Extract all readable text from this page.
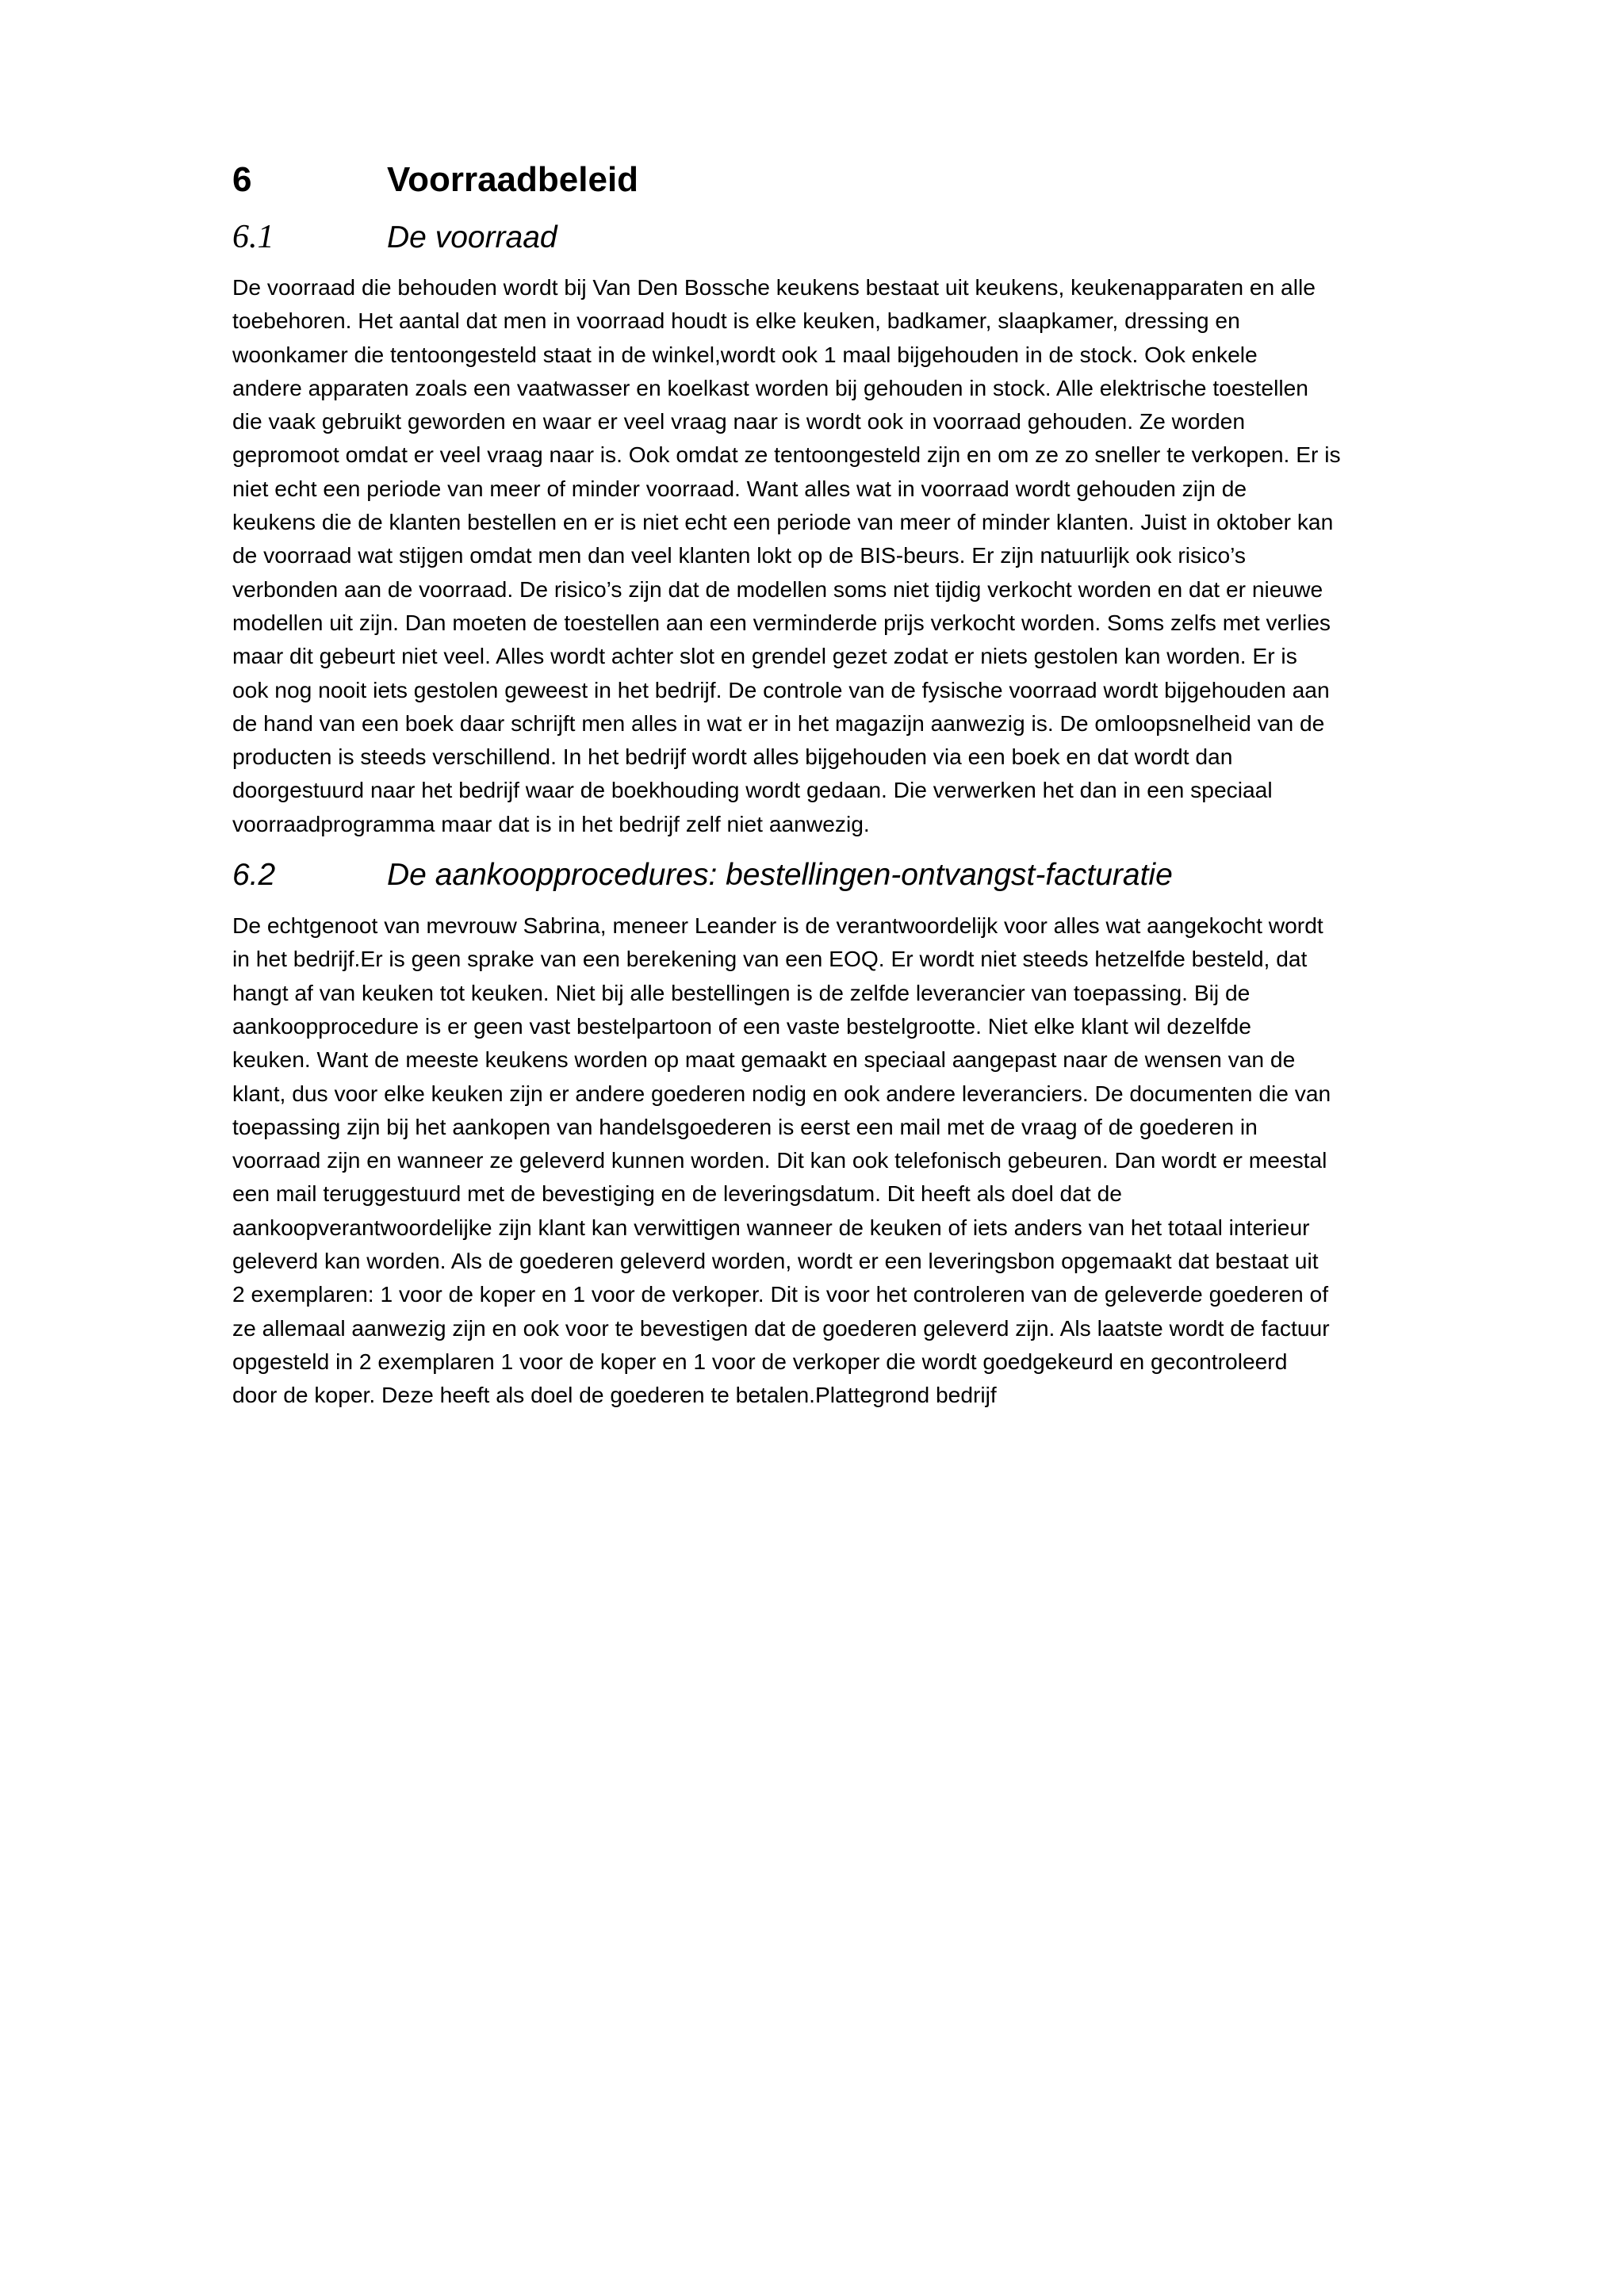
6	Voorraadbeleid
6.1	De voorraad
De voorraad die behouden wordt bij Van Den Bossche keukens bestaat uit keukens, keukenapparaten en alle
toebehoren. Het aantal dat men in voorraad houdt is elke keuken, badkamer, slaapkamer, dressing en
woonkamer die tentoongesteld staat in de winkel,wordt ook 1 maal bijgehouden in de stock. Ook enkele
andere apparaten zoals een vaatwasser en koelkast worden bij gehouden in stock. Alle elektrische toestellen
die vaak gebruikt geworden en waar er veel vraag naar is wordt ook in voorraad gehouden. Ze worden
gepromoot omdat er veel vraag naar is. Ook omdat ze tentoongesteld zijn en om ze zo sneller te verkopen. Er is
niet echt een periode van meer of minder voorraad. Want alles wat in voorraad wordt gehouden zijn de
keukens die de klanten bestellen en er is niet echt een periode van meer of minder klanten. Juist in oktober kan
de voorraad wat stijgen omdat men dan veel klanten lokt op de BIS-beurs. Er zijn natuurlijk ook risico’s
verbonden aan de voorraad. De risico’s zijn dat de modellen soms niet tijdig verkocht worden en dat er nieuwe
modellen uit zijn. Dan moeten de toestellen aan een verminderde prijs verkocht worden. Soms zelfs met verlies
maar dit gebeurt niet veel. Alles wordt achter slot en grendel gezet zodat er niets gestolen kan worden. Er is
ook nog nooit iets gestolen geweest in het bedrijf. De controle van de fysische voorraad wordt bijgehouden aan
de hand van een boek daar schrijft men alles in wat er in het magazijn aanwezig is. De omloopsnelheid van de
producten is steeds verschillend. In het bedrijf wordt alles bijgehouden via een boek en dat wordt dan
doorgestuurd naar het bedrijf waar de boekhouding wordt gedaan. Die verwerken het dan in een speciaal
voorraadprogramma maar dat is in het bedrijf zelf niet aanwezig.
6.2	De aankoopprocedures: bestellingen-ontvangst-facturatie
De echtgenoot van mevrouw Sabrina, meneer Leander is de verantwoordelijk voor alles wat aangekocht wordt
in het bedrijf.Er is geen sprake van een berekening van een EOQ. Er wordt niet steeds hetzelfde besteld, dat
hangt af van keuken tot keuken. Niet bij alle bestellingen is de zelfde leverancier van toepassing. Bij de
aankoopprocedure is er geen vast bestelpartoon of een vaste bestelgrootte. Niet elke klant wil dezelfde
keuken. Want de meeste keukens worden op maat gemaakt en speciaal aangepast naar de wensen van de
klant, dus voor elke keuken zijn er andere goederen nodig en ook andere leveranciers. De documenten die van
toepassing zijn bij het aankopen van handelsgoederen is eerst een mail met de vraag of de goederen in
voorraad zijn en wanneer ze geleverd kunnen worden. Dit kan ook telefonisch gebeuren. Dan wordt er meestal
een mail teruggestuurd met de bevestiging en de leveringsdatum. Dit heeft als doel dat de
aankoopverantwoordelijke zijn klant kan verwittigen wanneer de keuken of iets anders van het totaal interieur
geleverd kan worden. Als de goederen geleverd worden, wordt er een leveringsbon opgemaakt dat bestaat uit
2 exemplaren: 1 voor de koper en 1 voor de verkoper. Dit is voor het controleren van de geleverde goederen of
ze allemaal aanwezig zijn en ook voor te bevestigen dat de goederen geleverd zijn. Als laatste wordt de factuur
opgesteld in 2 exemplaren 1 voor de koper en 1 voor de verkoper die wordt goedgekeurd en gecontroleerd
door de koper. Deze heeft als doel de goederen te betalen.Plattegrond bedrijf
